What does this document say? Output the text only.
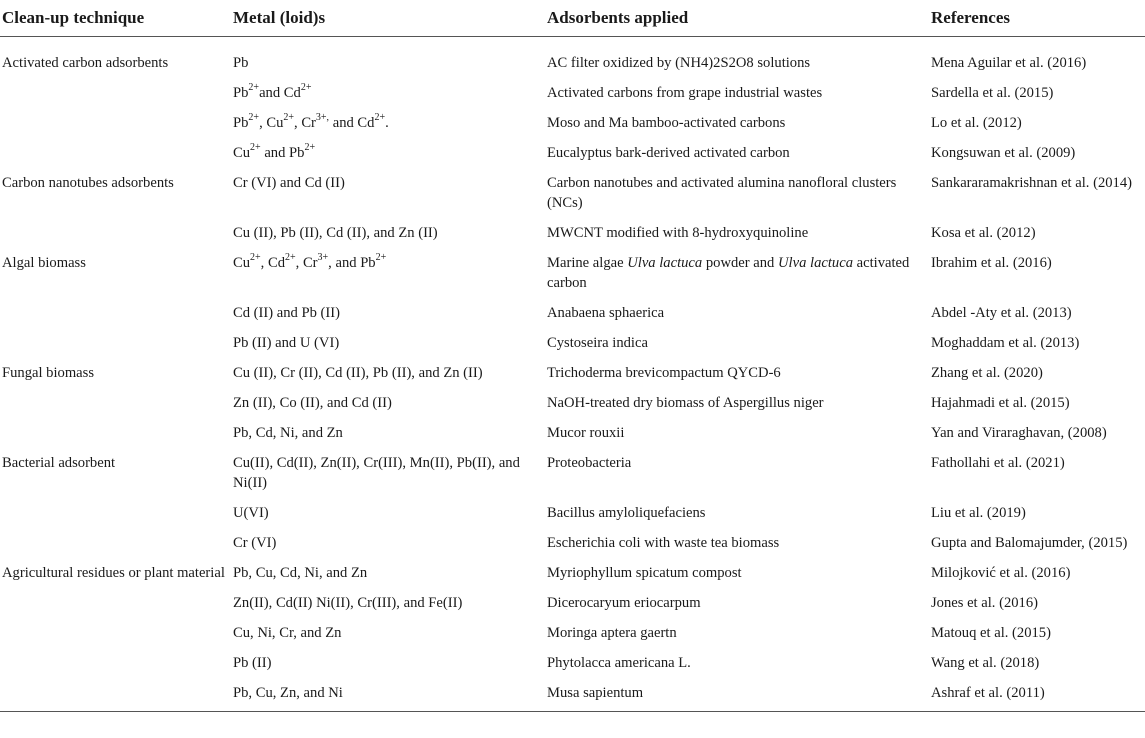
Clean-up technique	Metal (loid)s	Adsorbents applied	References
Activated carbon adsorbents	Pb	AC filter oxidized by (NH4)2S2O8 solutions	Mena Aguilar et al. (2016)
	$Pb^{2+}and$ $Cd^{2+}$	Activated carbons from grape industrial wastes	Sardella et al. (2015)
	$Pb^{2+}$, $Cu^{2+}$, $Cr^{3+,}$ and $Cd^{2+}$.	Moso and Ma bamboo-activated carbons	Lo et al. (2012)
	$Cu^{2+}$ and $Pb^{2+}$	Eucalyptus bark-derived activated carbon	Kongsuwan et al. (2009)
Carbon nanotubes adsorbents	Cr (VI) and Cd (II)	Carbon nanotubes and activated alumina nanofloral clusters (NCs)	Sankararamakrishnan et al. (2014)
	Cu (II), Pb (II), Cd (II), and Zn (II)	MWCNT modified with 8-hydroxyquinoline	Kosa et al. (2012)
Algal biomass	$Cu^{2+}$, $Cd^{2+}$, $Cr^{3+}$, and $Pb^{2+}$	Marine algae Ulva lactuca powder and Ulva lactuca activated carbon	Ibrahim et al. (2016)
	Cd (II) and Pb (II)	Anabaena sphaerica	Abdel -Aty et al. (2013)
	Pb (II) and U (VI)	Cystoseira indica	Moghaddam et al. (2013)
Fungal biomass	Cu (II), Cr (II), Cd (II), Pb (II), and Zn (II)	Trichoderma brevicompactum QYCD-6	Zhang et al. (2020)
	Zn (II), Co (II), and Cd (II)	NaOH-treated dry biomass of Aspergillus niger	Hajahmadi et al. (2015)
	Pb, Cd, Ni, and Zn	Mucor rouxii	Yan and Viraraghavan, (2008)
Bacterial adsorbent	Cu(II), Cd(II), Zn(II), Cr(III), Mn(II), Pb(II), and Ni(II)	Proteobacteria	Fathollahi et al. (2021)
	U(VI)	Bacillus amyloliquefaciens	Liu et al. (2019)
	Cr (VI)	Escherichia coli with waste tea biomass	Gupta and Balomajumder, (2015)
Agricultural residues or plant material	Pb, Cu, Cd, Ni, and Zn	Myriophyllum spicatum compost	Milojković et al. (2016)
	Zn(II), Cd(II) Ni(II), Cr(III), and Fe(II)	Dicerocaryum eriocarpum	Jones et al. (2016)
	Cu, Ni, Cr, and Zn	Moringa aptera gaertn	Matouq et al. (2015)
	Pb (II)	Phytolacca americana L.	Wang et al. (2018)
	Pb, Cu, Zn, and Ni	Musa sapientum	Ashraf et al. (2011)
